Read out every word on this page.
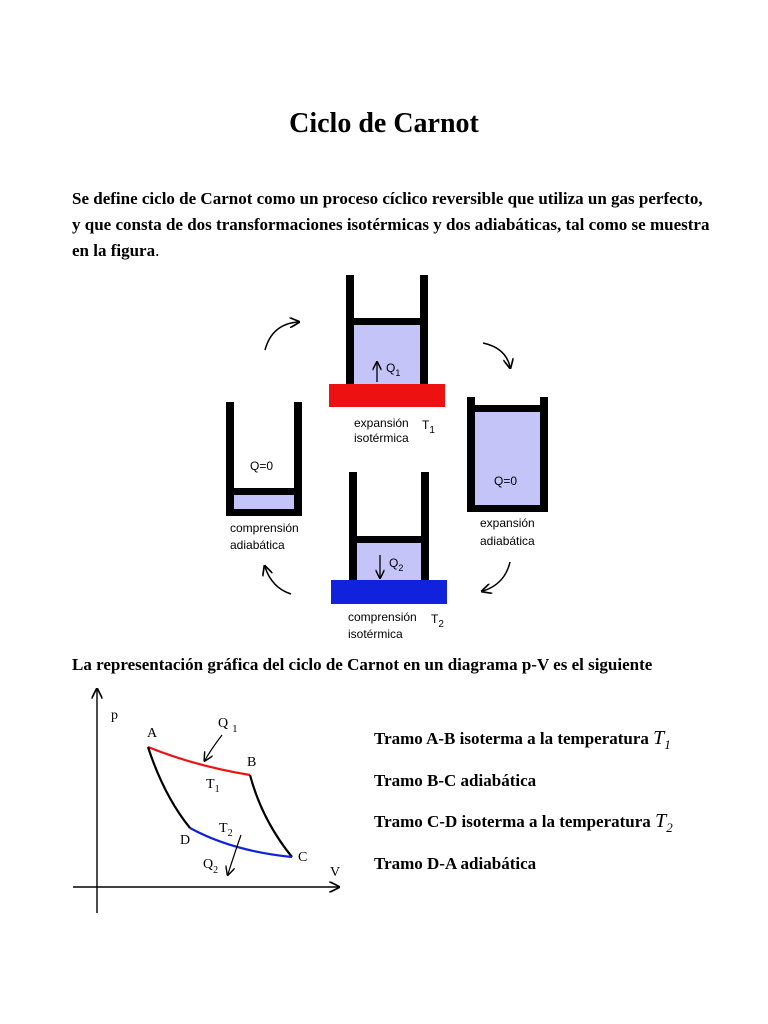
Ciclo de Carnot

Se define ciclo de Carnot como un proceso cíclico reversible que utiliza un gas perfecto, y que consta de dos transformaciones isotérmicas y dos adiabáticas, tal como se muestra en la figura.

$Q_1$
expansión
isotérmica
$T_1$
Q=0
expansión
adiabática
$Q_2$
comprensión
isotérmica
$T_2$
Q=0
comprensión
adiabática

La representación gráfica del ciclo de Carnot en un diagrama p-V es el siguiente

p
V
A
B
C
D
Q $_1$
$T_1$
$T_2$
$Q_2$

Tramo A-B isoterma a la temperatura $T_1$

Tramo B-C adiabática

Tramo C-D isoterma a la temperatura $T_2$

Tramo D-A adiabática
